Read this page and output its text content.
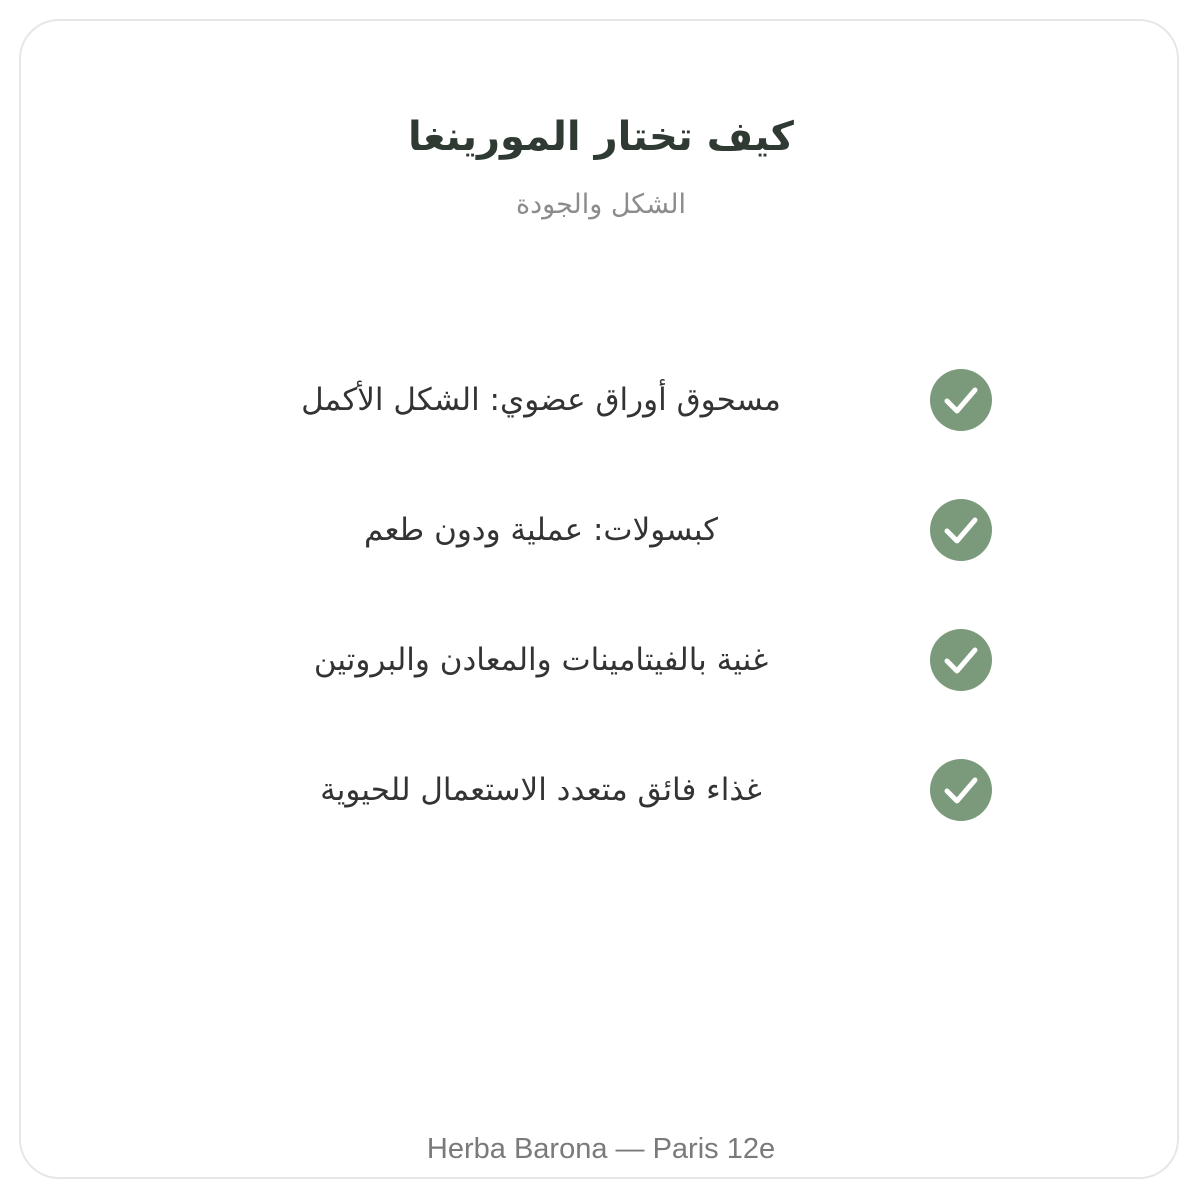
كيف تختار المورينغا
الشكل والجودة
مسحوق أوراق عضوي: الشكل الأكمل
كبسولات: عملية ودون طعم
غنية بالفيتامينات والمعادن والبروتين
غذاء فائق متعدد الاستعمال للحيوية
Herba Barona — Paris 12e
